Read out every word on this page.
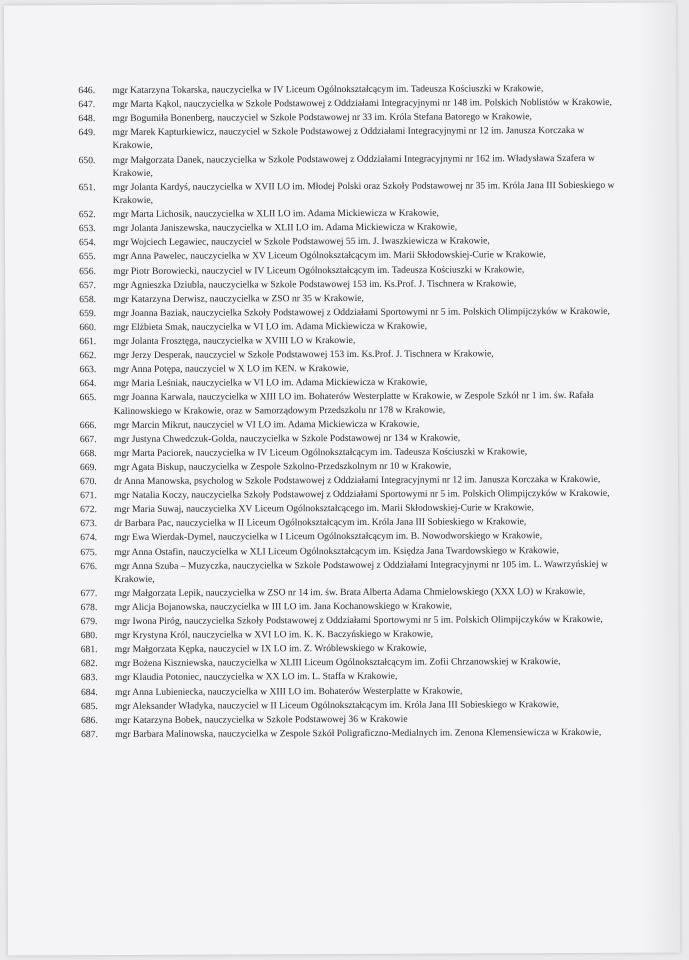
646.	mgr Katarzyna Tokarska, nauczycielka w IV Liceum Ogólnokształcącym im. Tadeusza Kościuszki w Krakowie,
647.	mgr Marta Kąkol, nauczycielka w Szkole Podstawowej z Oddziałami Integracyjnymi nr 148 im. Polskich Noblistów w Krakowie,
648.	mgr Bogumiła Bonenberg, nauczyciel w Szkole Podstawowej nr 33 im. Króla Stefana Batorego w Krakowie,
649.	mgr Marek Kapturkiewicz, nauczyciel w Szkole Podstawowej z Oddziałami Integracyjnymi nr 12 im. Janusza Korczaka w Krakowie,
650.	mgr Małgorzata Danek, nauczycielka w Szkole Podstawowej z Oddziałami Integracyjnymi nr 162 im. Władysława Szafera w Krakowie,
651.	mgr Jolanta Kardyś, nauczycielka w XVII LO im. Młodej Polski oraz Szkoły Podstawowej nr 35 im. Króla Jana III Sobieskiego w Krakowie,
652.	mgr Marta Lichosik, nauczycielka w XLII LO im. Adama Mickiewicza w Krakowie,
653.	mgr Jolanta Janiszewska, nauczycielka w XLII LO im. Adama Mickiewicza w Krakowie,
654.	mgr Wojciech Legawiec, nauczyciel w Szkole Podstawowej 55 im. J. Iwaszkiewicza w Krakowie,
655.	mgr Anna Pawelec, nauczycielka w XV Liceum Ogólnokształcącym im. Marii Skłodowskiej-Curie w Krakowie,
656.	mgr Piotr Borowiecki, nauczyciel w IV Liceum Ogólnokształcącym im. Tadeusza Kościuszki w Krakowie,
657.	mgr Agnieszka Dziubla, nauczycielka w Szkole Podstawowej 153 im. Ks.Prof. J. Tischnera w Krakowie,
658.	mgr Katarzyna Derwisz, nauczycielka w ZSO nr 35 w Krakowie,
659.	mgr Joanna Baziak, nauczycielka Szkoły Podstawowej z Oddziałami Sportowymi nr 5 im. Polskich Olimpijczyków w Krakowie,
660.	mgr Elżbieta Smak, nauczycielka w VI LO im. Adama Mickiewicza w Krakowie,
661.	mgr Jolanta Frosztęga, nauczycielka w XVIII LO w Krakowie,
662.	mgr Jerzy Desperak, nauczyciel w Szkole Podstawowej 153 im. Ks.Prof. J. Tischnera w Krakowie,
663.	mgr Anna Potępa, nauczyciel w X LO im KEN. w Krakowie,
664.	mgr Maria Leśniak, nauczycielka w VI LO im. Adama Mickiewicza w Krakowie,
665.	mgr Joanna Karwala, nauczycielka w XIII LO im. Bohaterów Westerplatte w Krakowie, w Zespole Szkół nr 1 im. św. Rafała Kalinowskiego w Krakowie, oraz w Samorządowym Przedszkolu nr 178 w Krakowie,
666.	mgr Marcin Mikrut, nauczyciel w VI LO im. Adama Mickiewicza w Krakowie,
667.	mgr Justyna Chwedczuk-Golda, nauczycielka w Szkole Podstawowej nr 134 w Krakowie,
668.	mgr Marta Paciorek, nauczycielka w IV Liceum Ogólnokształcącym im. Tadeusza Kościuszki w Krakowie,
669.	mgr Agata Biskup, nauczycielka w Zespole Szkolno-Przedszkolnym nr 10 w Krakowie,
670.	dr Anna Manowska, psycholog w Szkole Podstawowej z Oddziałami Integracyjnymi nr 12 im. Janusza Korczaka w Krakowie,
671.	mgr Natalia Koczy, nauczycielka Szkoły Podstawowej z Oddziałami Sportowymi nr 5 im. Polskich Olimpijczyków w Krakowie,
672.	mgr Maria Suwaj, nauczycielka XV Liceum Ogólnokształcącego im. Marii Skłodowskiej-Curie w Krakowie,
673.	dr Barbara Pac, nauczycielka w II Liceum Ogólnokształcącym im. Króla Jana III Sobieskiego w Krakowie,
674.	mgr Ewa Wierdak-Dymel, nauczycielka w I Liceum Ogólnokształcącym im. B. Nowodworskiego w Krakowie,
675.	mgr Anna Ostafin, nauczycielka w XLI Liceum Ogólnokształcącym im. Księdza Jana Twardowskiego w Krakowie,
676.	mgr Anna Szuba – Muzyczka, nauczycielka w Szkole Podstawowej z Oddziałami Integracyjnymi nr 105 im. L. Wawrzyńskiej w Krakowie,
677.	mgr Małgorzata Lepik, nauczycielka w ZSO nr 14 im. św. Brata Alberta Adama Chmielowskiego (XXX LO) w Krakowie,
678.	mgr Alicja Bojanowska, nauczycielka w III LO im. Jana Kochanowskiego w Krakowie,
679.	mgr Iwona Piróg, nauczycielka Szkoły Podstawowej z Oddziałami Sportowymi nr 5 im. Polskich Olimpijczyków w Krakowie,
680.	mgr Krystyna Król, nauczycielka w XVI LO im. K. K. Baczyńskiego w Krakowie,
681.	mgr Małgorzata Kępka, nauczyciel w IX LO im. Z. Wróblewskiego w Krakowie,
682.	mgr Bożena Kiszniewska, nauczycielka w XLIII Liceum Ogólnokształcącym im. Zofii Chrzanowskiej w Krakowie,
683.	mgr Klaudia Potoniec, nauczycielka w XX LO im. L. Staffa w Krakowie,
684.	mgr Anna Lubieniecka, nauczycielka w XIII LO im. Bohaterów Westerplatte w Krakowie,
685.	mgr Aleksander Władyka, nauczyciel w II Liceum Ogólnokształcącym im. Króla Jana III Sobieskiego w Krakowie,
686.	mgr Katarzyna Bobek, nauczycielka w Szkole Podstawowej 36 w Krakowie
687.	mgr Barbara Malinowska, nauczycielka w Zespole Szkół Poligraficzno-Medialnych im. Zenona Klemensiewicza w Krakowie,
